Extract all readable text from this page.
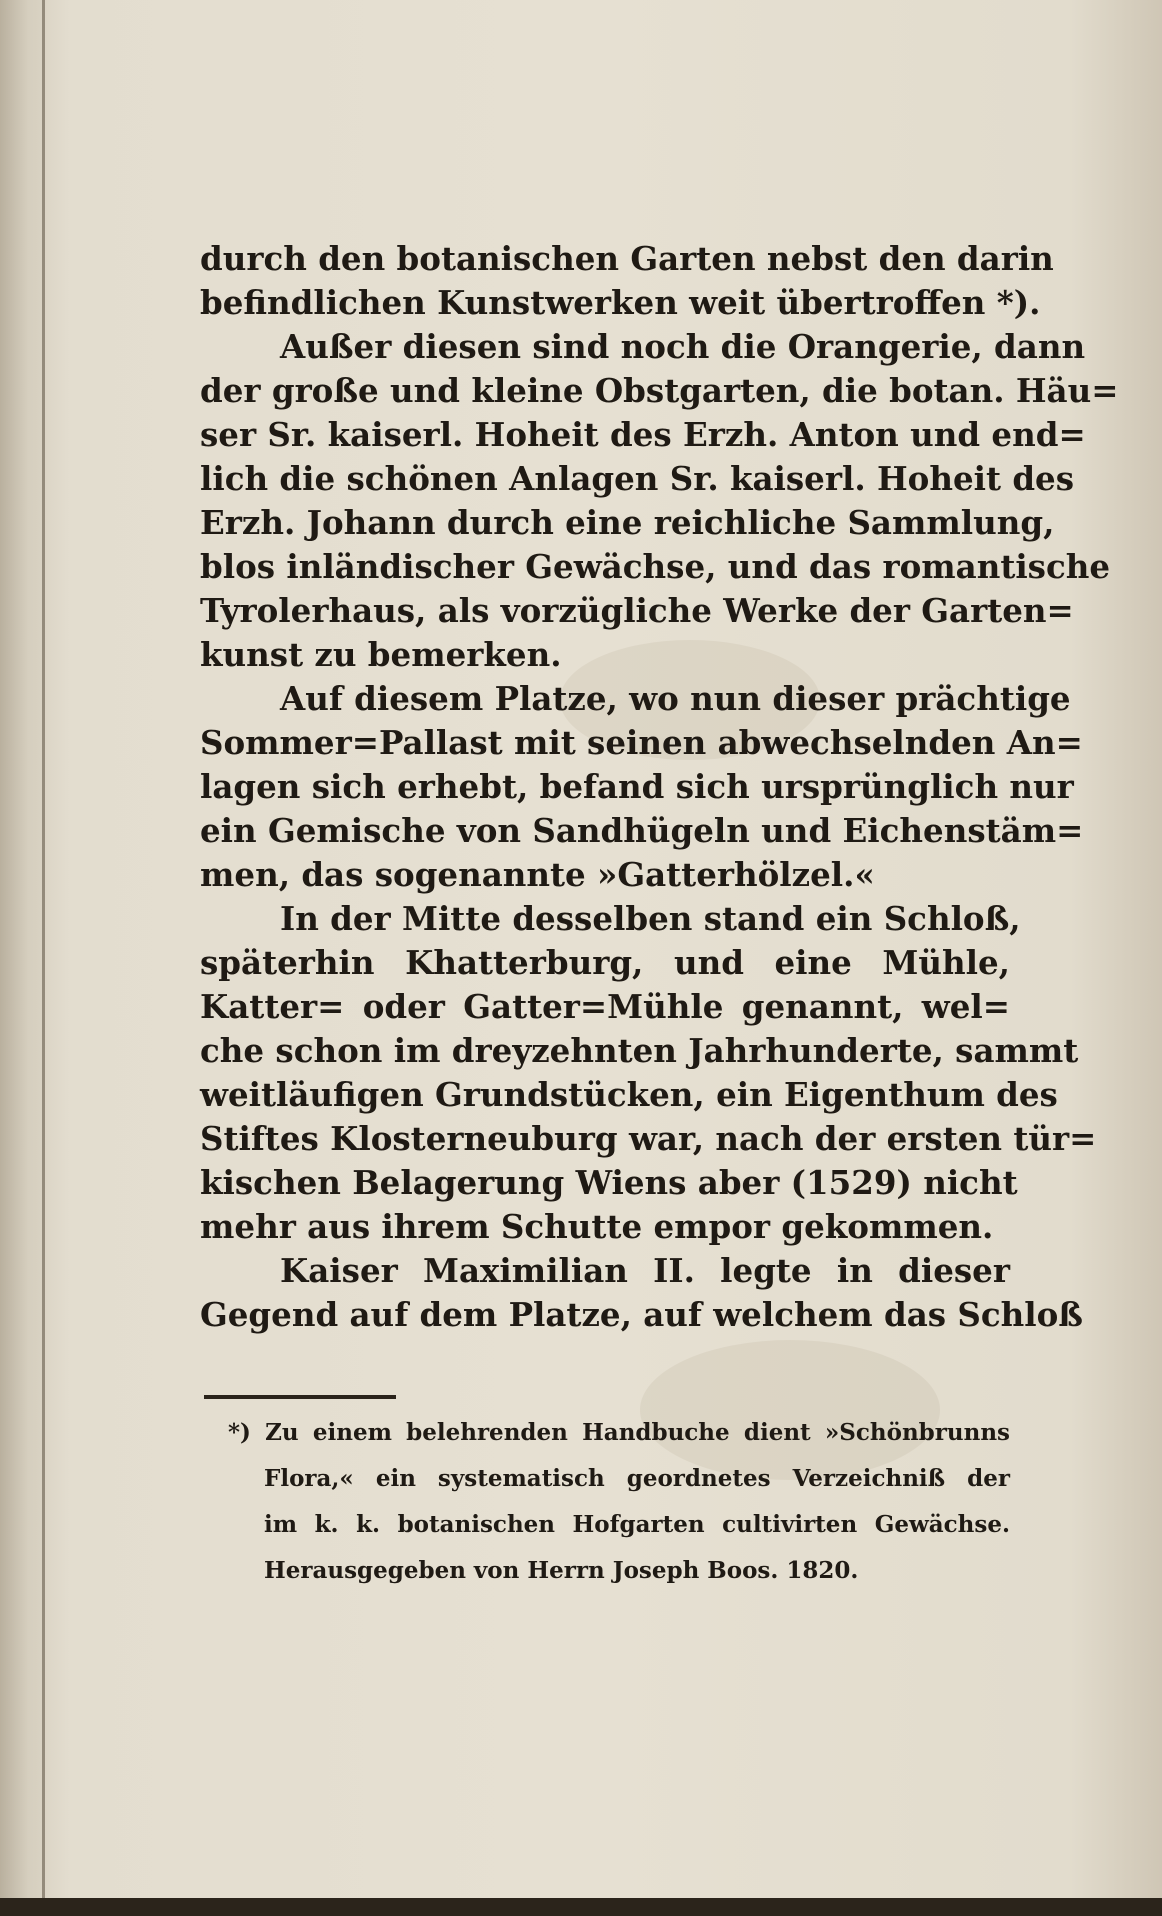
durch den botanischen Garten nebst den darin
befindlichen Kunstwerken weit übertroffen *).
Außer diesen sind noch die Orangerie, dann
der große und kleine Obstgarten, die botan. Häu=
ser Sr. kaiserl. Hoheit des Erzh. Anton und end=
lich die schönen Anlagen Sr. kaiserl. Hoheit des
Erzh. Johann durch eine reichliche Sammlung,
blos inländischer Gewächse, und das romantische
Tyrolerhaus, als vorzügliche Werke der Garten=
kunst zu bemerken.
Auf diesem Platze, wo nun dieser prächtige
Sommer=Pallast mit seinen abwechselnden An=
lagen sich erhebt, befand sich ursprünglich nur
ein Gemische von Sandhügeln und Eichenstäm=
men, das sogenannte »Gatterhölzel.«
In der Mitte desselben stand ein Schloß,
späterhin Khatterburg, und eine Mühle,
Katter= oder Gatter=Mühle genannt, wel=
che schon im dreyzehnten Jahrhunderte, sammt
weitläufigen Grundstücken, ein Eigenthum des
Stiftes Klosterneuburg war, nach der ersten tür=
kischen Belagerung Wiens aber (1529) nicht
mehr aus ihrem Schutte empor gekommen.
Kaiser Maximilian II. legte in dieser
Gegend auf dem Platze, auf welchem das Schloß
*) Zu einem belehrenden Handbuche dient »Schönbrunns
Flora,« ein systematisch geordnetes Verzeichniß der
im k. k. botanischen Hofgarten cultivirten Gewächse.
Herausgegeben von Herrn Joseph Boos. 1820.
